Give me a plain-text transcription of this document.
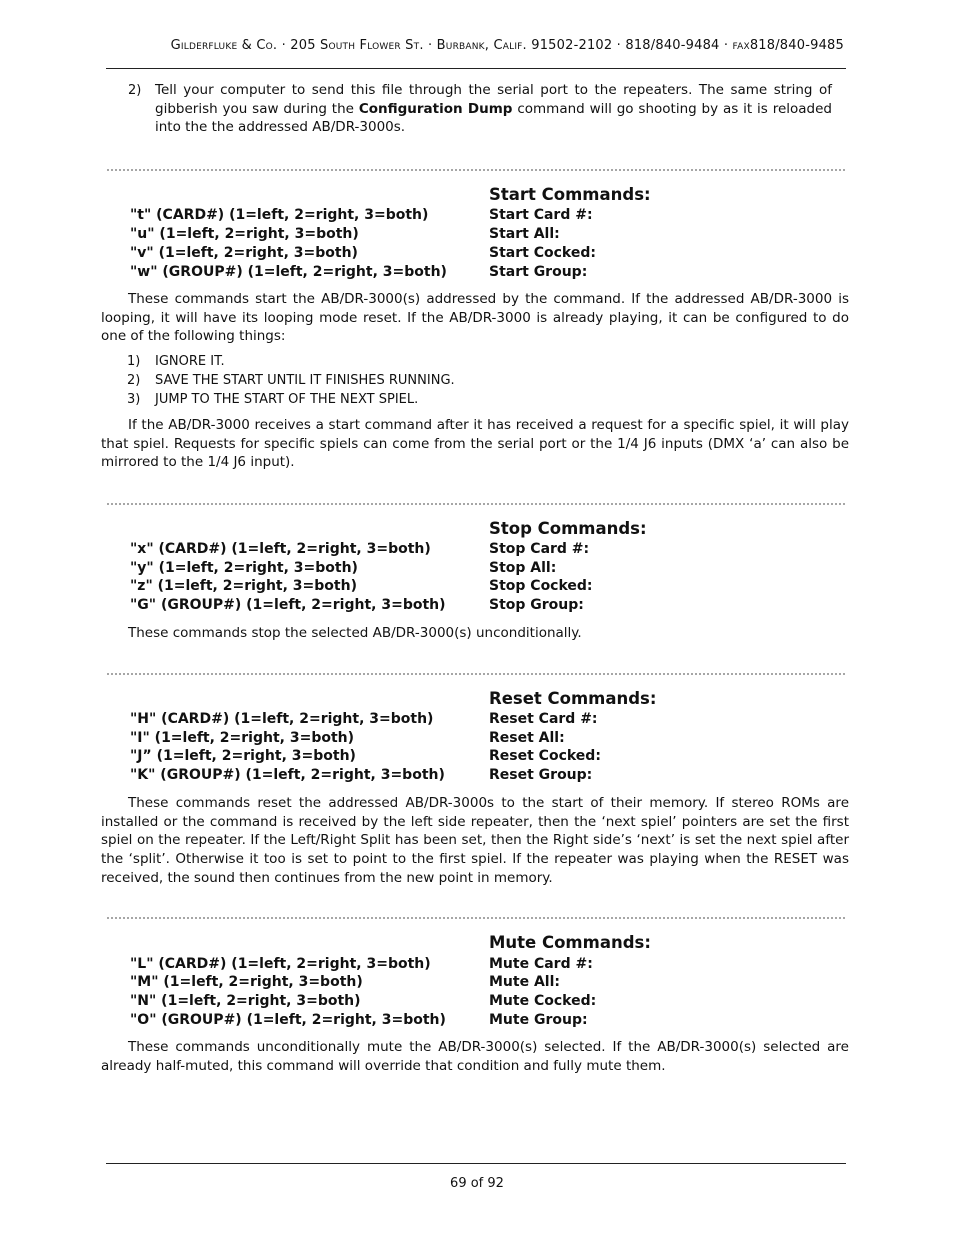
Gilderfluke & Co. · 205 South Flower St. · Burbank, Calif. 91502-2102 · 818/840-9484 · fax818/840-9485
2) Tell your computer to send this file through the serial port to the repeaters. The same string of gibberish you saw during the Configuration Dump command will go shooting by as it is reloaded into the the addressed AB/DR-3000s.
Start Commands:
"t" (CARD#) (1=left, 2=right, 3=both)	Start Card #:
"u" (1=left, 2=right, 3=both)	Start All:
"v" (1=left, 2=right, 3=both)	Start Cocked:
"w" (GROUP#) (1=left, 2=right, 3=both)	Start Group:
These commands start the AB/DR-3000(s) addressed by the command. If the addressed AB/DR-3000 is looping, it will have its looping mode reset. If the AB/DR-3000 is already playing, it can be configured to do one of the following things:
1) IGNORE IT.
2) SAVE THE START UNTIL IT FINISHES RUNNING.
3) JUMP TO THE START OF THE NEXT SPIEL.
If the AB/DR-3000 receives a start command after it has received a request for a specific spiel, it will play that spiel. Requests for specific spiels can come from the serial port or the 1/4 J6 inputs (DMX ‘a’ can also be mirrored to the 1/4 J6 input).
Stop Commands:
"x" (CARD#) (1=left, 2=right, 3=both)	Stop Card #:
"y" (1=left, 2=right, 3=both)	Stop All:
"z" (1=left, 2=right, 3=both)	Stop Cocked:
"G" (GROUP#) (1=left, 2=right, 3=both)	Stop Group:
These commands stop the selected AB/DR-3000(s) unconditionally.
Reset Commands:
"H" (CARD#) (1=left, 2=right, 3=both)	Reset Card #:
"I" (1=left, 2=right, 3=both)	Reset All:
"J” (1=left, 2=right, 3=both)	Reset Cocked:
"K" (GROUP#) (1=left, 2=right, 3=both)	Reset Group:
These commands reset the addressed AB/DR-3000s to the start of their memory. If stereo ROMs are installed or the command is received by the left side repeater, then the ‘next spiel’ pointers are set the first spiel on the repeater. If the Left/Right Split has been set, then the Right side’s ‘next’ is set the next spiel after the ‘split’. Otherwise it too is set to point to the first spiel. If the repeater was playing when the RESET was received, the sound then continues from the new point in memory.
Mute Commands:
"L" (CARD#) (1=left, 2=right, 3=both)	Mute Card #:
"M" (1=left, 2=right, 3=both)	Mute All:
"N" (1=left, 2=right, 3=both)	Mute Cocked:
"O" (GROUP#) (1=left, 2=right, 3=both)	Mute Group:
These commands unconditionally mute the AB/DR-3000(s) selected. If the AB/DR-3000(s) selected are already half-muted, this command will override that condition and fully mute them.
69 of 92
